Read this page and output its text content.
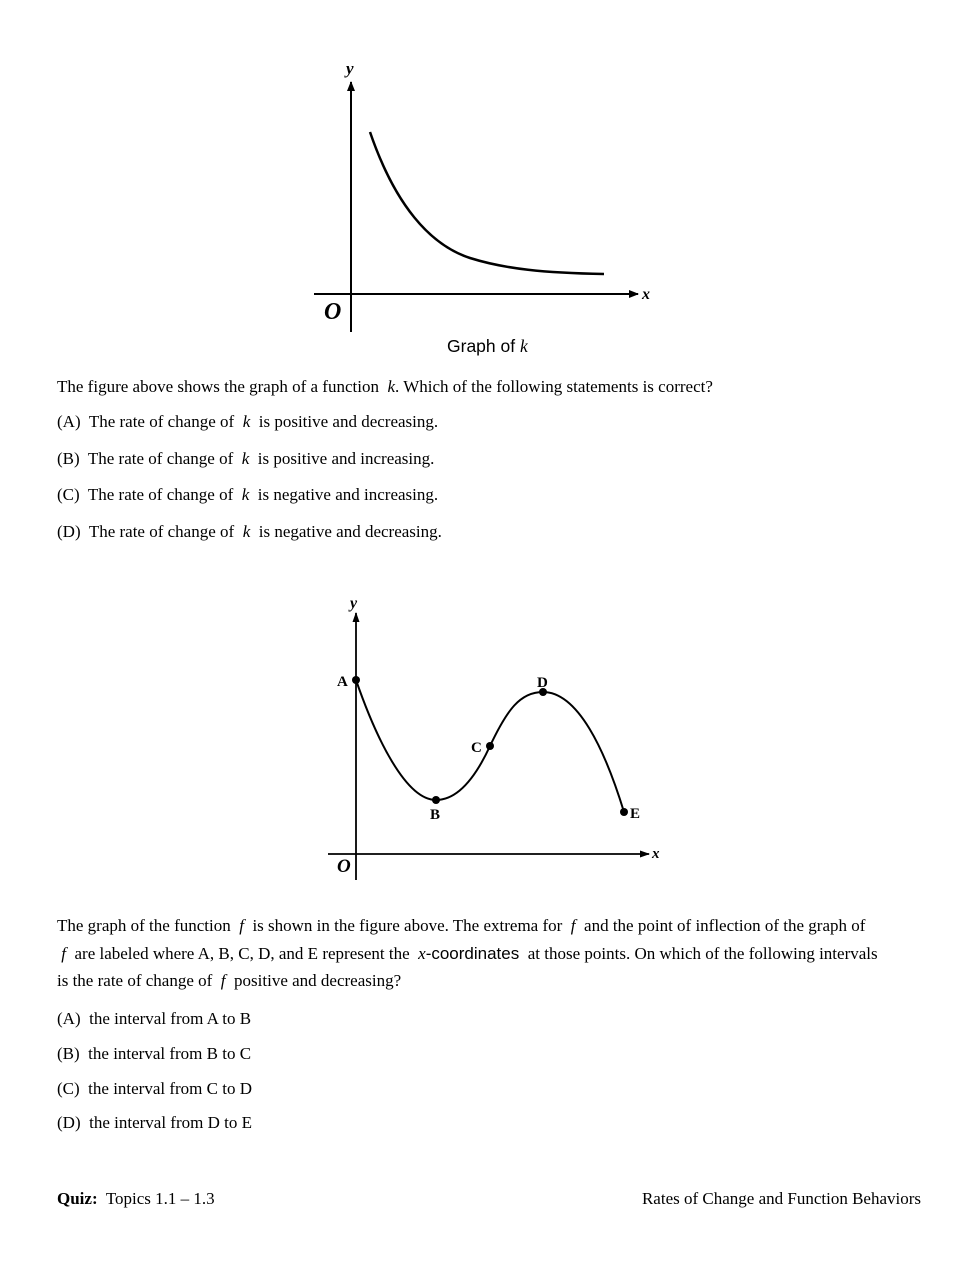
y
x
O
Graph of k
The figure above shows the graph of a function k. Which of the following statements is correct?
(A) The rate of change of k is positive and decreasing.
(B) The rate of change of k is positive and increasing.
(C) The rate of change of k is negative and increasing.
(D) The rate of change of k is negative and decreasing.
A
B
C
D
E
y
x
O
The graph of the function f is shown in the figure above. The extrema for f and the point of inflection of the graph of
f are labeled where A, B, C, D, and E represent the x-coordinates at those points. On which of the following intervals
is the rate of change of f positive and decreasing?
(A) the interval from A to B
(B) the interval from B to C
(C) the interval from C to D
(D) the interval from D to E
Quiz: Topics 1.1 – 1.3	Rates of Change and Function Behaviors
